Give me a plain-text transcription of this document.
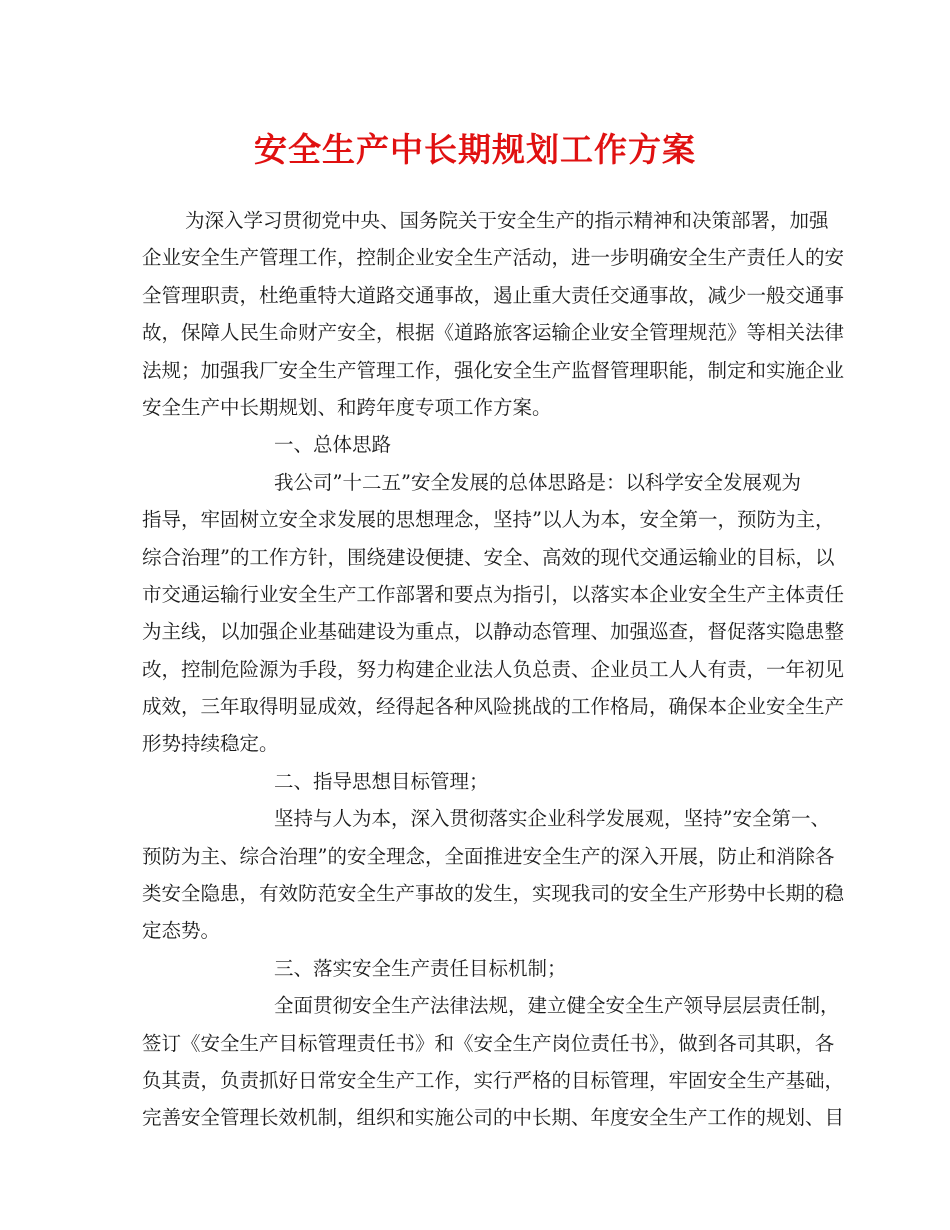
安全生产中长期规划工作方案
为深入学习贯彻党中央、国务院关于安全生产的指示精神和决策部署，加强
企业安全生产管理工作，控制企业安全生产活动，进一步明确安全生产责任人的安
全管理职责，杜绝重特大道路交通事故，遏止重大责任交通事故，减少一般交通事
故，保障人民生命财产安全，根据《道路旅客运输企业安全管理规范》等相关法律
法规；加强我厂安全生产管理工作，强化安全生产监督管理职能，制定和实施企业
安全生产中长期规划、和跨年度专项工作方案。
一、总体思路
我公司”十二五”安全发展的总体思路是：以科学安全发展观为
指导，牢固树立安全求发展的思想理念，坚持”以人为本，安全第一，预防为主，
综合治理”的工作方针，围绕建设便捷、安全、高效的现代交通运输业的目标，以
市交通运输行业安全生产工作部署和要点为指引，以落实本企业安全生产主体责任
为主线，以加强企业基础建设为重点，以静动态管理、加强巡查，督促落实隐患整
改，控制危险源为手段，努力构建企业法人负总责、企业员工人人有责，一年初见
成效，三年取得明显成效，经得起各种风险挑战的工作格局，确保本企业安全生产
形势持续稳定。
二、指导思想目标管理；
坚持与人为本，深入贯彻落实企业科学发展观，坚持”安全第一、
预防为主、综合治理”的安全理念，全面推进安全生产的深入开展，防止和消除各
类安全隐患，有效防范安全生产事故的发生，实现我司的安全生产形势中长期的稳
定态势。
三、落实安全生产责任目标机制；
全面贯彻安全生产法律法规，建立健全安全生产领导层层责任制，
签订《安全生产目标管理责任书》和《安全生产岗位责任书》，做到各司其职，各
负其责，负责抓好日常安全生产工作，实行严格的目标管理，牢固安全生产基础，
完善安全管理长效机制，组织和实施公司的中长期、年度安全生产工作的规划、目
